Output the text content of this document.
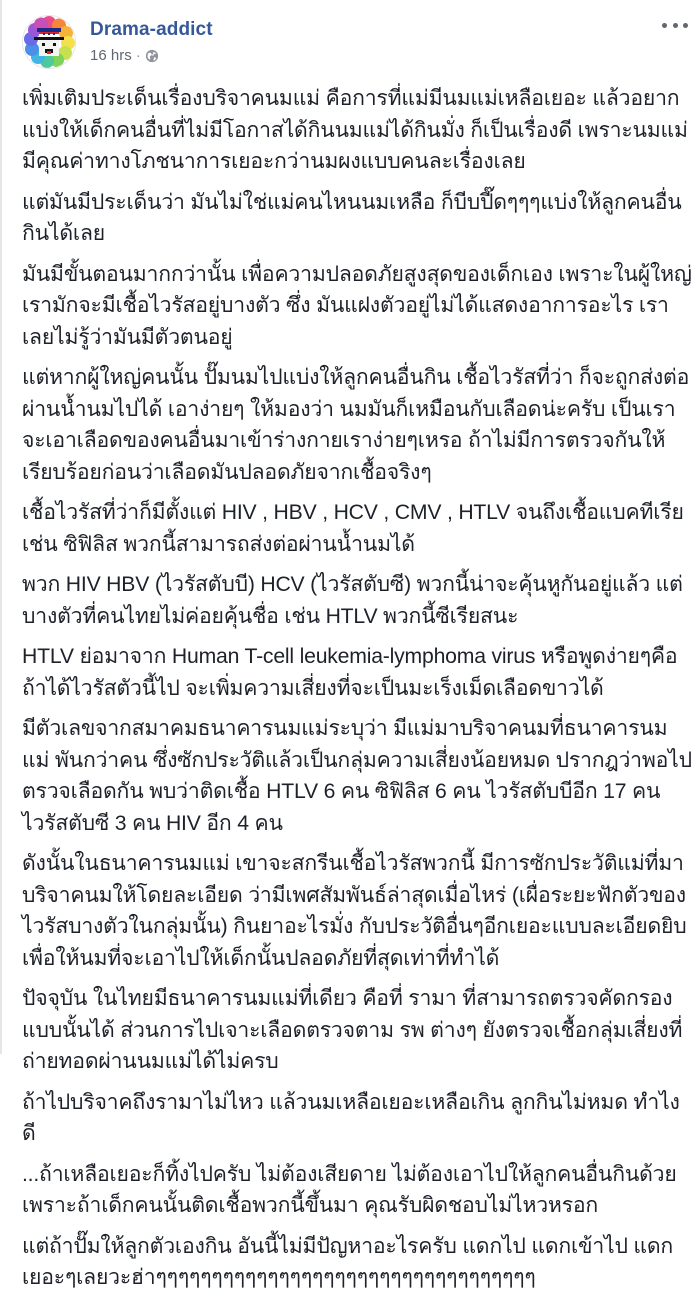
Drama-addict
16 hrs ·

เพิ่มเติมประเด็นเรื่องบริจาคนมแม่ คือการที่แม่มีนมแม่เหลือเยอะ แล้วอยากแบ่งให้เด็กคนอื่นที่ไม่มีโอกาสได้กินนมแม่ได้กินมั่ง ก็เป็นเรื่องดี เพราะนมแม่ มีคุณค่าทางโภชนาการเยอะกว่านมผงแบบคนละเรื่องเลย

แต่มันมีประเด็นว่า มันไม่ใช่แม่คนไหนนมเหลือ ก็บีบปี๊ดๆๆๆแบ่งให้ลูกคนอื่นกินได้เลย

มันมีขั้นตอนมากกว่านั้น เพื่อความปลอดภัยสูงสุดของเด็กเอง เพราะในผู้ใหญ่ เรามักจะมีเชื้อไวรัสอยู่บางตัว ซึ่ง มันแฝงตัวอยู่ไม่ได้แสดงอาการอะไร เราเลยไม่รู้ว่ามันมีตัวตนอยู่

แต่หากผู้ใหญ่คนนั้น ปั๊มนมไปแบ่งให้ลูกคนอื่นกิน เชื้อไวรัสที่ว่า ก็จะถูกส่งต่อผ่านน้ำนมไปได้ เอาง่ายๆ ให้มองว่า นมมันก็เหมือนกับเลือดน่ะครับ เป็นเรา จะเอาเลือดของคนอื่นมาเข้าร่างกายเราง่ายๆเหรอ ถ้าไม่มีการตรวจกันให้เรียบร้อยก่อนว่าเลือดมันปลอดภัยจากเชื้อจริงๆ

เชื้อไวรัสที่ว่าก็มีตั้งแต่ HIV , HBV , HCV , CMV , HTLV จนถึงเชื้อแบคทีเรีย เช่น ซิฟิลิส พวกนี้สามารถส่งต่อผ่านน้ำนมได้

พวก HIV HBV (ไวรัสตับบี) HCV (ไวรัสตับซี) พวกนี้น่าจะคุ้นหูกันอยู่แล้ว แต่บางตัวที่คนไทยไม่ค่อยคุ้นชื่อ เช่น HTLV พวกนี้ซีเรียสนะ

HTLV ย่อมาจาก Human T-cell leukemia-lymphoma virus หรือพูดง่ายๆคือ ถ้าได้ไวรัสตัวนี้ไป จะเพิ่มความเสี่ยงที่จะเป็นมะเร็งเม็ดเลือดขาวได้

มีตัวเลขจากสมาคมธนาคารนมแม่ระบุว่า มีแม่มาบริจาคนมที่ธนาคารนมแม่ พันกว่าคน ซึ่งซักประวัติแล้วเป็นกลุ่มความเสี่ยงน้อยหมด ปรากฎว่าพอไปตรวจเลือดกัน พบว่าติดเชื้อ HTLV 6 คน ซิฟิลิส 6 คน ไวรัสตับบีอีก 17 คน ไวรัสตับซี 3 คน HIV อีก 4 คน

ดังนั้นในธนาคารนมแม่ เขาจะสกรีนเชื้อไวรัสพวกนี้ มีการซักประวัติแม่ที่มาบริจาคนมให้โดยละเอียด ว่ามีเพศสัมพันธ์ล่าสุดเมื่อไหร่ (เผื่อระยะฟักตัวของไวรัสบางตัวในกลุ่มนั้น) กินยาอะไรมั่ง กับประวัติอื่นๆอีกเยอะแบบละเอียดยิบ เพื่อให้นมที่จะเอาไปให้เด็กนั้นปลอดภัยที่สุดเท่าที่ทำได้

ปัจจุบัน ในไทยมีธนาคารนมแม่ที่เดียว คือที่ รามา ที่สามารถตรวจคัดกรองแบบนั้นได้ ส่วนการไปเจาะเลือดตรวจตาม รพ ต่างๆ ยังตรวจเชื้อกลุ่มเสี่ยงที่ถ่ายทอดผ่านนมแม่ได้ไม่ครบ

ถ้าไปบริจาคถึงรามาไม่ไหว แล้วนมเหลือเยอะเหลือเกิน ลูกกินไม่หมด ทำไงดี

...ถ้าเหลือเยอะก็ทิ้งไปครับ ไม่ต้องเสียดาย ไม่ต้องเอาไปให้ลูกคนอื่นกินด้วย เพราะถ้าเด็กคนนั้นติดเชื้อพวกนี้ขึ้นมา คุณรับผิดชอบไม่ไหวหรอก

แต่ถ้าปั๊มให้ลูกตัวเองกิน อันนี้ไม่มีปัญหาอะไรครับ แดกไป แดกเข้าไป แดกเยอะๆเลยวะฮ่าๆๆๆๆๆๆๆๆๆๆๆๆๆๆๆๆๆๆๆๆๆๆๆๆๆๆๆๆๆๆๆๆๆๆ
